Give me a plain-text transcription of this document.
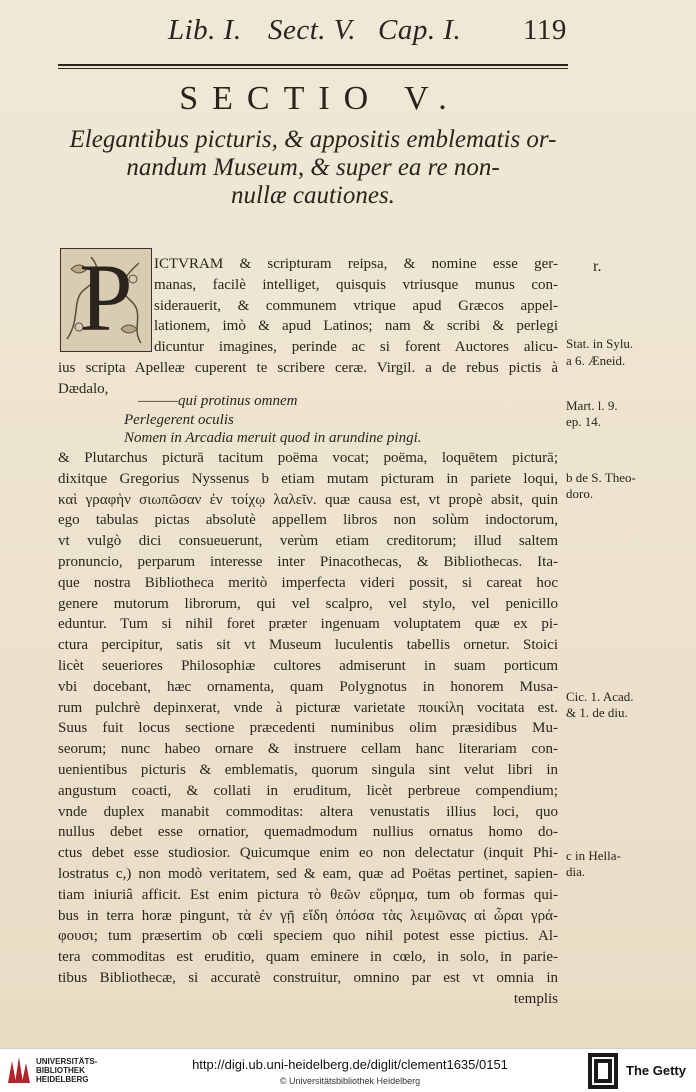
Lib. I. Sect. V. Cap. I. 119
SECTIO V.
Elegantibus picturis, & appositis emblematis or-
nandum Museum, & super ea re non-
nullæ cautiones.
P	ICTVRAM & scripturam reipsa, & nomine esse ger-
manas, facilè intelliget, quisquis vtriusque munus con-
siderauerit, & communem vtrique apud Græcos appel-
lationem, imò & apud Latinos; nam & scribi & perlegi
dicuntur imagines, perinde ac si forent Auctores alicu-
ius scripta Apelleæ cuperent te scribere ceræ. Virgil. a de rebus pictis à
Dædalo,
———qui protinus omnem
Perlegerent oculis
Nomen in Arcadia meruit quod in arundine pingi.
& Plutarchus picturā tacitum poëma vocat; poëma, loquētem picturā;
dixitque Gregorius Nyssenus b etiam mutam picturam in pariete loqui,
καὶ γραφὴν σιωπῶσαν ἐν τοίχῳ λαλεῖν. quæ causa est, vt propè absit, quin
ego tabulas pictas absolutè appellem libros non solùm indoctorum,
vt vulgò dici consueuerunt, verùm etiam creditorum; illud saltem
pronuncio, perparum interesse inter Pinacothecas, & Bibliothecas. Ita-
que nostra Bibliotheca meritò imperfecta videri possit, si careat hoc
genere mutorum librorum, qui vel scalpro, vel stylo, vel penicillo
eduntur. Tum si nihil foret præter ingenuam voluptatem quæ ex pi-
ctura percipitur, satis sit vt Museum luculentis tabellis ornetur. Stoici
licèt seueriores Philosophiæ cultores admiserunt in suam porticum
vbi docebant, hæc ornamenta, quam Polygnotus in honorem Musa-
rum pulchrè depinxerat, vnde à picturæ varietate ποικίλη vocitata est.
Suus fuit locus sectione præcedenti numinibus olim præsidibus Mu-
seorum; nunc habeo ornare & instruere cellam hanc literariam con-
uenientibus picturis & emblematis, quorum singula sint velut libri in
angustum coacti, & collati in eruditum, licèt perbreue compendium;
vnde duplex manabit commoditas: altera venustatis illius loci, quo
nullus debet esse ornatior, quemadmodum nullius ornatus homo do-
ctus debet esse studiosior. Quicumque enim eo non delectatur (inquit Phi-
lostratus c,) non modò veritatem, sed & eam, quæ ad Poëtas pertinet, sapien-
tiam iniuriâ afficit. Est enim pictura τὸ θεῶν εὕρημα, tum ob formas qui-
bus in terra horæ pingunt, τὰ ἐν γῇ εἴδη ὁπόσα τὰς λειμῶνας αἱ ὧραι γρά-
φουσι; tum præsertim ob cœli speciem quo nihil potest esse pictius. Al-
tera commoditas est eruditio, quam eminere in cœlo, in solo, in parie-
tibus Bibliothecæ, si accuratè construitur, omnino par est vt omnia in
templis
r.
Stat. in Sylu.
a 6. Æneid.
Mart. l. 9.
ep. 14.
b de S. Theo-
doro.
Cic. 1. Acad.
& 1. de diu.
c in Hella-
dia.
UNIVERSITÄTS-
BIBLIOTHEK
HEIDELBERG
http://digi.ub.uni-heidelberg.de/diglit/clement1635/0151
© Universitätsbibliothek Heidelberg
The Getty
